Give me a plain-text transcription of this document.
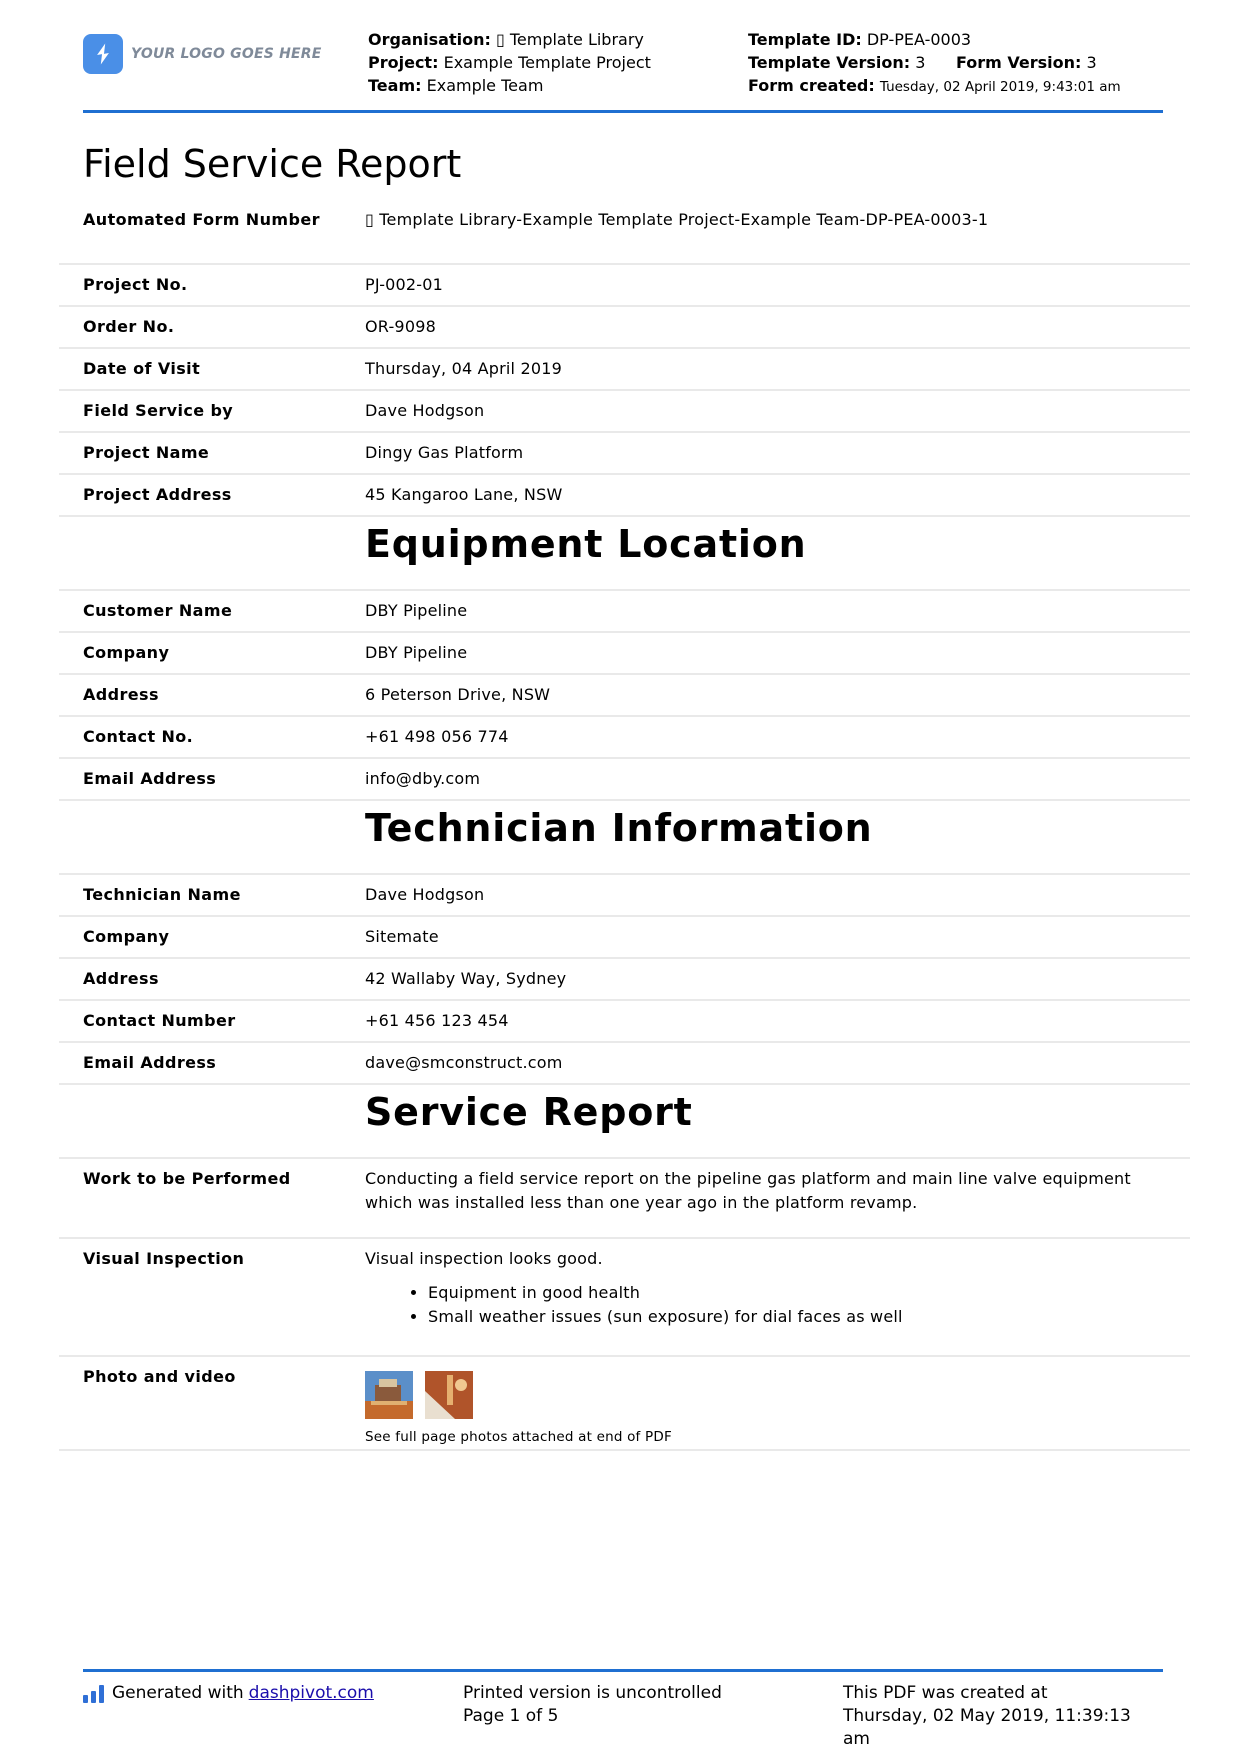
YOUR LOGO GOES HERE
Organisation: ▯ Template Library
Project: Example Template Project
Team: Example Team
Template ID: DP-PEA-0003
Template Version: 3 Form Version: 3
Form created: Tuesday, 02 April 2019, 9:43:01 am
Field Service Report
Automated Form Number	▯ Template Library-Example Template Project-Example Team-DP-PEA-0003-1
Project No.	PJ-002-01
Order No.	OR-9098
Date of Visit	Thursday, 04 April 2019
Field Service by	Dave Hodgson
Project Name	Dingy Gas Platform
Project Address	45 Kangaroo Lane, NSW
Equipment Location
Customer Name	DBY Pipeline
Company	DBY Pipeline
Address	6 Peterson Drive, NSW
Contact No.	+61 498 056 774
Email Address	info@dby.com
Technician Information
Technician Name	Dave Hodgson
Company	Sitemate
Address	42 Wallaby Way, Sydney
Contact Number	+61 456 123 454
Email Address	dave@smconstruct.com
Service Report
Work to be Performed	Conducting a field service report on the pipeline gas platform and main line valve equipment which was installed less than one year ago in the platform revamp.
Visual Inspection	Visual inspection looks good.
• Equipment in good health
• Small weather issues (sun exposure) for dial faces as well
Photo and video
See full page photos attached at end of PDF
Generated with dashpivot.com	Printed version is uncontrolled
Page 1 of 5
This PDF was created at
Thursday, 02 May 2019, 11:39:13 am
